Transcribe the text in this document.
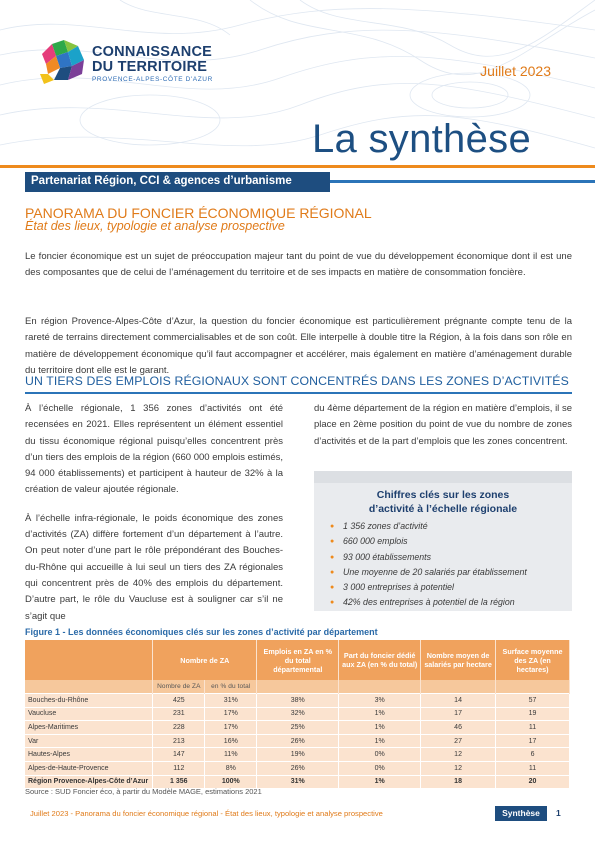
CONNAISSANCE
DU TERRITOIRE
PROVENCE-ALPES-CÔTE D'AZUR
Juillet 2023
La synthèse
Partenariat Région, CCI & agences d’urbanisme
PANORAMA DU FONCIER ÉCONOMIQUE RÉGIONAL
État des lieux, typologie et analyse prospective
Le foncier économique est un sujet de préoccupation majeur tant du point de vue du développement économique dont il est une des composantes que de celui de l’aménagement du territoire et de ses impacts en matière de consommation foncière.
En région Provence-Alpes-Côte d’Azur, la question du foncier économique est particulièrement prégnante compte tenu de la rareté de terrains directement commercialisables et de son coût. Elle interpelle à double titre la Région, à la fois dans son rôle en matière de développement économique qu’il faut accompagner et accélérer, mais également en matière d’aménagement durable du territoire dont elle est le garant.
UN TIERS DES EMPLOIS RÉGIONAUX SONT CONCENTRÉS DANS LES ZONES D’ACTIVITÉS
À l’échelle régionale, 1 356 zones d’activités ont été recensées en 2021. Elles représentent un élément essentiel du tissu économique régional puisqu’elles concentrent près d’un tiers des emplois de la région (660 000 emplois estimés, 94 000 établissements) et participent à hauteur de 32% à la création de valeur ajoutée régionale.
À l’échelle infra-régionale, le poids économique des zones d’activités (ZA) diffère fortement d’un département à l’autre. On peut noter d’une part le rôle prépondérant des Bouches-du-Rhône qui accueille à lui seul un tiers des ZA régionales qui concentrent près de 40% des emplois du département. D’autre part, le rôle du Vaucluse est à souligner car s’il ne s’agit que
du 4ème département de la région en matière d’emplois, il se place en 2ème position du point de vue du nombre de zones d’activités et de la part d’emplois que les zones concentrent.
Chiffres clés sur les zones
d’activité à l’échelle régionale
● 1 356 zones d’activité
● 660 000 emplois
● 93 000 établissements
● Une moyenne de 20 salariés par établissement
● 3 000 entreprises à potentiel
● 42% des entreprises à potentiel de la région
Figure 1 - Les données économiques clés sur les zones d’activité par département
	Nombre de ZA		Emplois en ZA en % du total départemental	Part du foncier dédié aux ZA (en % du total)	Nombre moyen de salariés par hectare	Surface moyenne des ZA (en hectares)
	Nombre de ZA	en % du total				
Bouches-du-Rhône	425	31%	38%	3%	14	57
Vaucluse	231	17%	32%	1%	17	19
Alpes-Maritimes	228	17%	25%	1%	46	11
Var	213	16%	26%	1%	27	17
Hautes-Alpes	147	11%	19%	0%	12	6
Alpes-de-Haute-Provence	112	8%	26%	0%	12	11
Région Provence-Alpes-Côte d’Azur	1 356	100%	31%	1%	18	20
Source : SUD Foncier éco, à partir du Modèle MAGE, estimations 2021
Juillet 2023 - Panorama du foncier économique régional - État des lieux, typologie et analyse prospective	Synthèse	1
